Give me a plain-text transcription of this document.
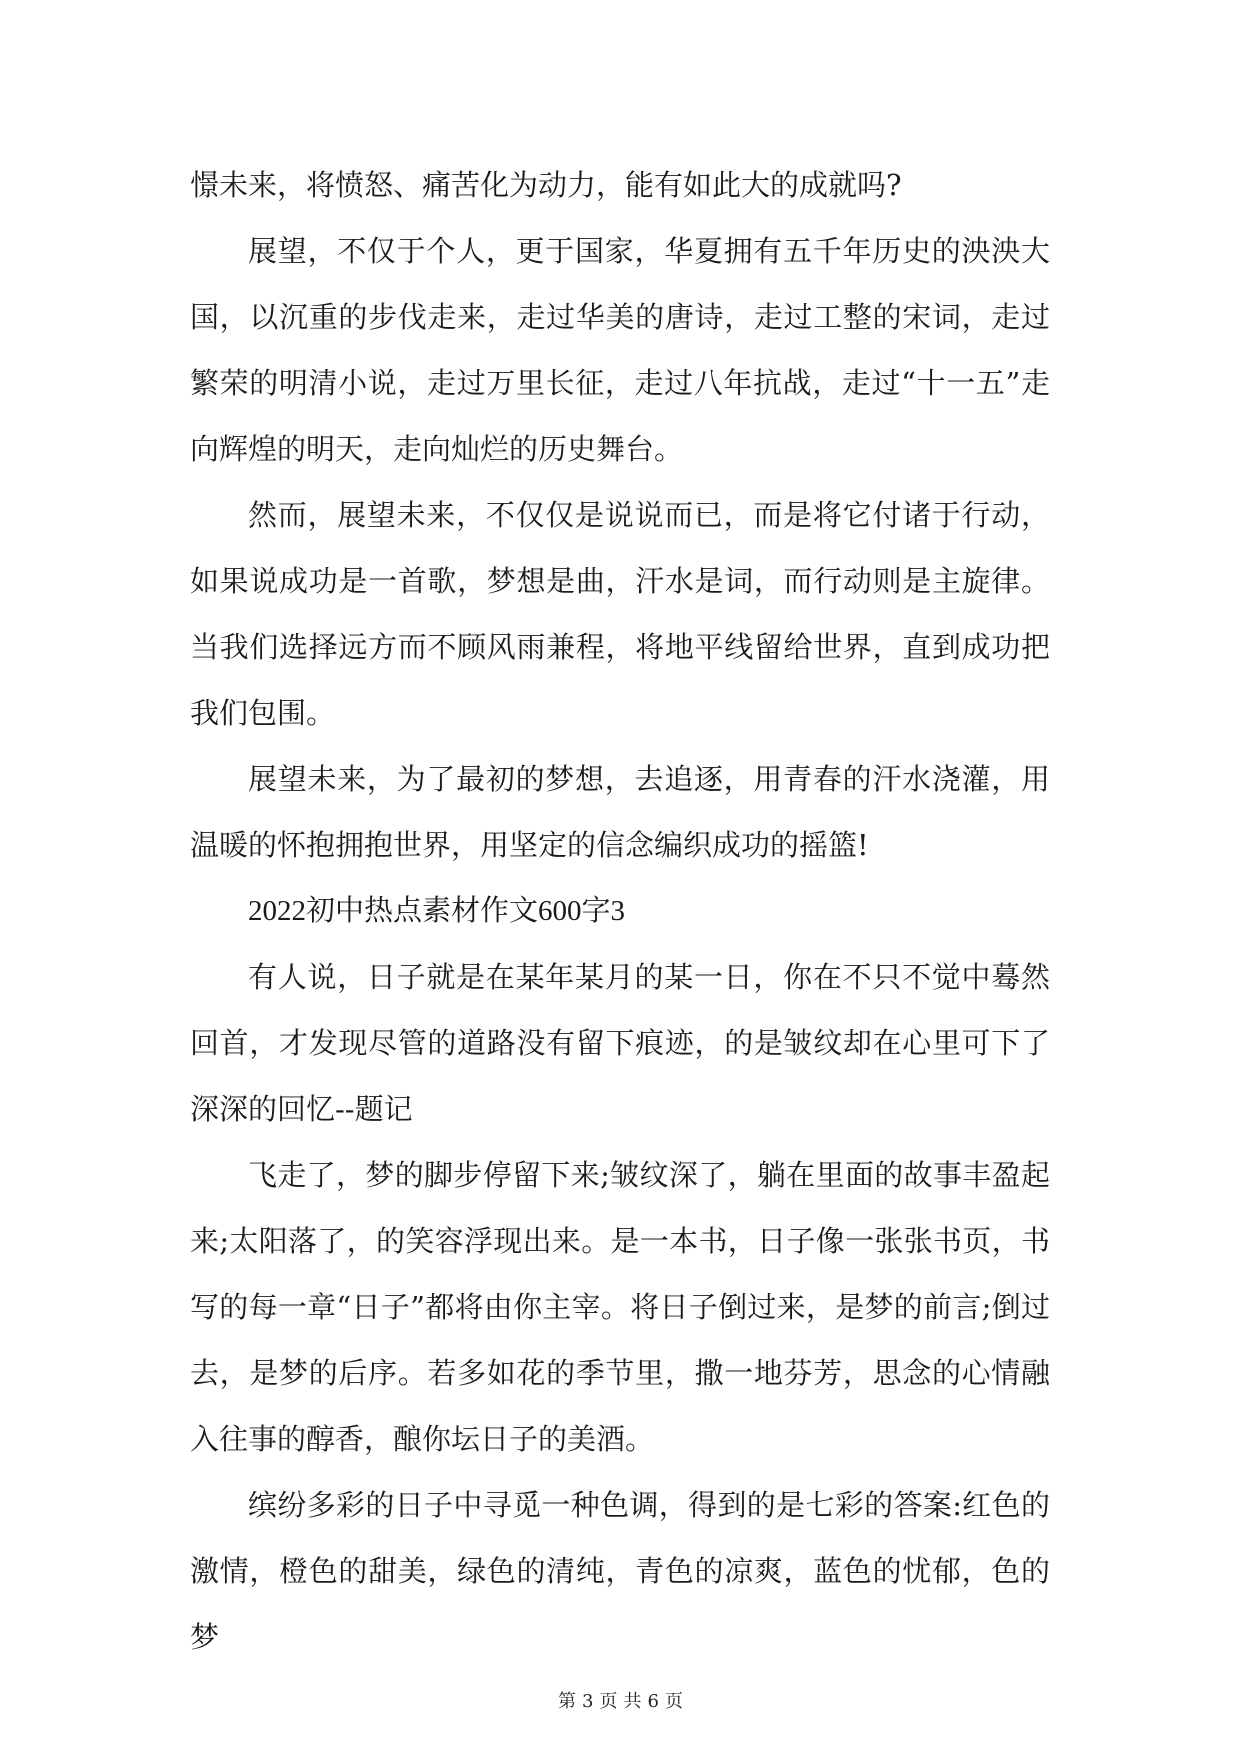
憬未来，将愤怒、痛苦化为动力，能有如此大的成就吗?

展望，不仅于个人，更于国家，华夏拥有五千年历史的泱泱大国，以沉重的步伐走来，走过华美的唐诗，走过工整的宋词，走过繁荣的明清小说，走过万里长征，走过八年抗战，走过“十一五”走向辉煌的明天，走向灿烂的历史舞台。

然而，展望未来，不仅仅是说说而已，而是将它付诸于行动，如果说成功是一首歌，梦想是曲，汗水是词，而行动则是主旋律。当我们选择远方而不顾风雨兼程，将地平线留给世界，直到成功把我们包围。

展望未来，为了最初的梦想，去追逐，用青春的汗水浇灌，用温暖的怀抱拥抱世界，用坚定的信念编织成功的摇篮!

2022初中热点素材作文600字3

有人说，日子就是在某年某月的某一日，你在不只不觉中蓦然回首，才发现尽管的道路没有留下痕迹，的是皱纹却在心里可下了深深的回忆--题记

飞走了，梦的脚步停留下来;皱纹深了，躺在里面的故事丰盈起来;太阳落了，的笑容浮现出来。是一本书，日子像一张张书页，书写的每一章“日子”都将由你主宰。将日子倒过来，是梦的前言;倒过去，是梦的后序。若多如花的季节里，撒一地芬芳，思念的心情融入往事的醇香，酿你坛日子的美酒。

缤纷多彩的日子中寻觅一种色调，得到的是七彩的答案:红色的激情，橙色的甜美，绿色的清纯，青色的凉爽，蓝色的忧郁，色的梦

第 3 页 共 6 页
